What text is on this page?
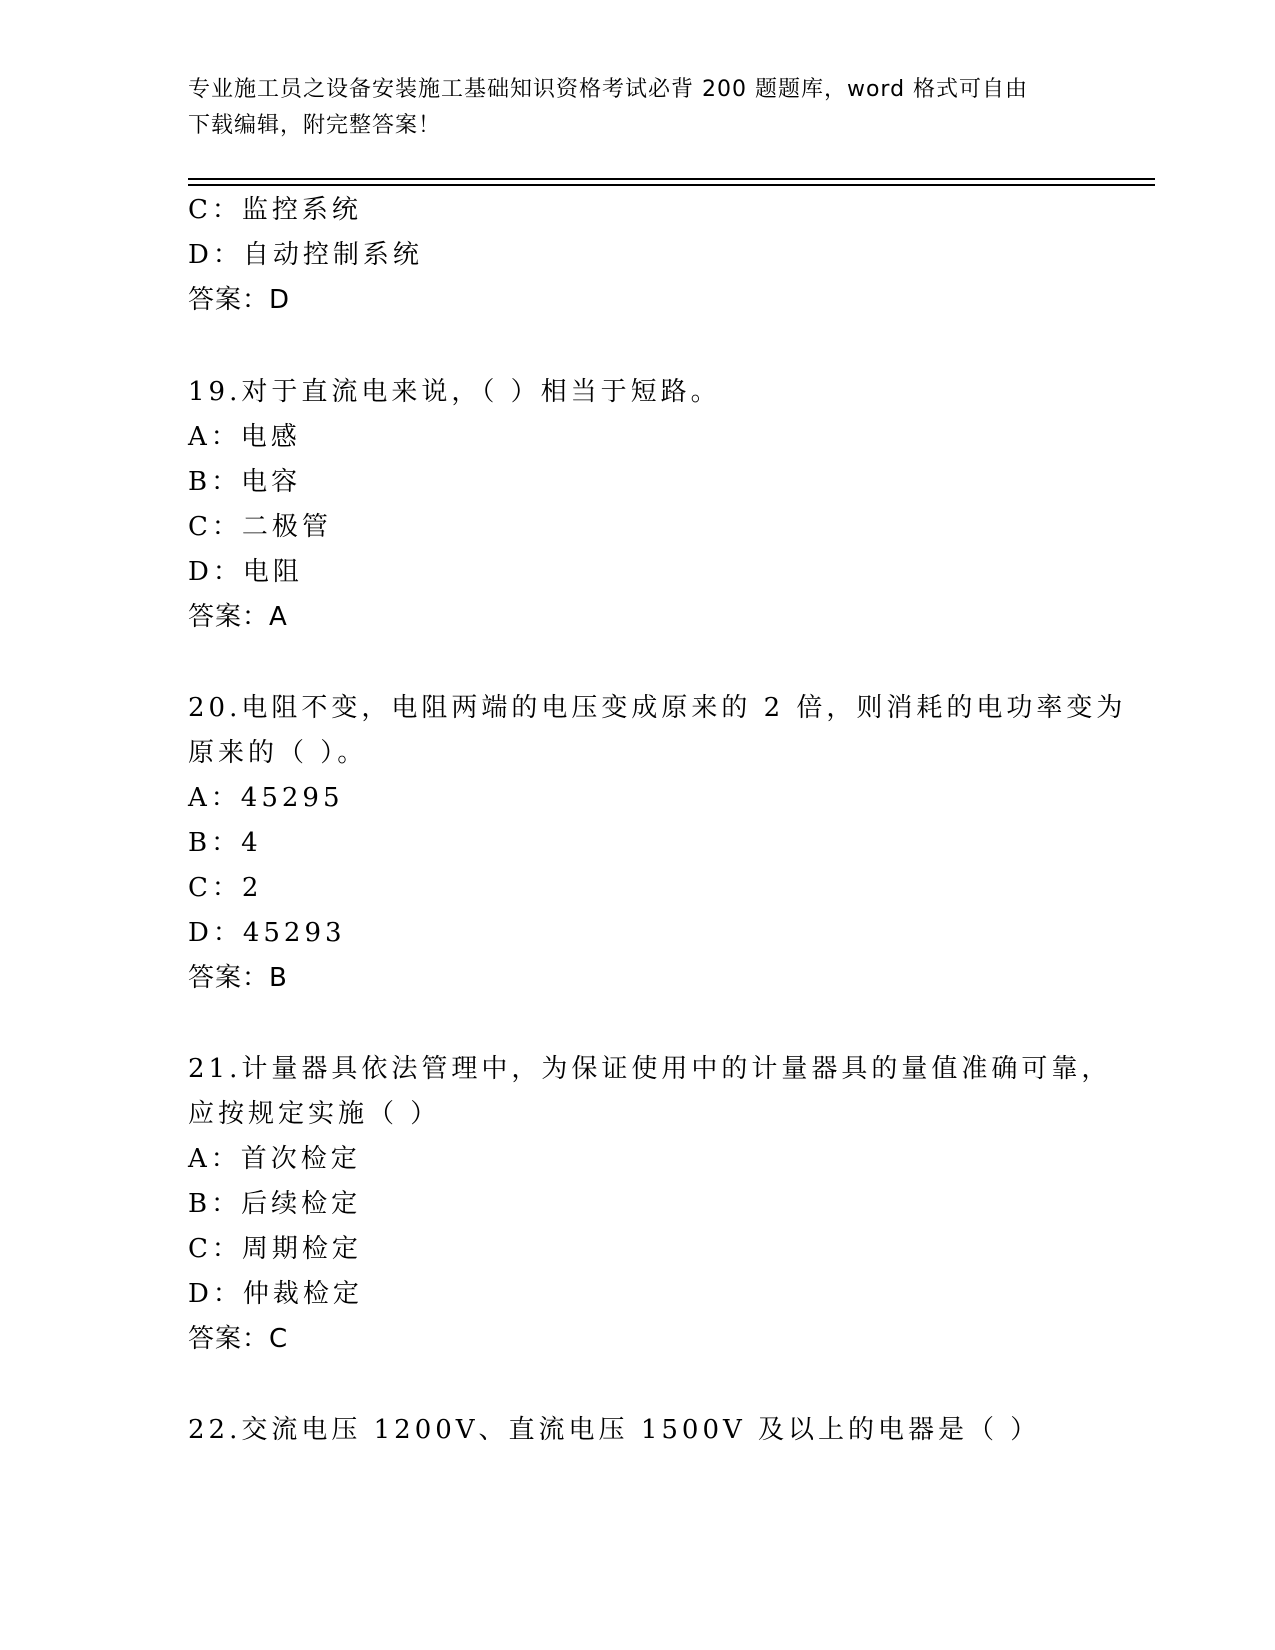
专业施工员之设备安装施工基础知识资格考试必背 200 题题库，word 格式可自由
下载编辑，附完整答案！
C：监控系统
D：自动控制系统
答案：D
19.对于直流电来说，（ ）相当于短路。
A：电感
B：电容
C：二极管
D：电阻
答案：A
20.电阻不变，电阻两端的电压变成原来的 2 倍，则消耗的电功率变为
原来的（ ）。
A：45295
B：4
C：2
D：45293
答案：B
21.计量器具依法管理中，为保证使用中的计量器具的量值准确可靠，
应按规定实施（ ）
A：首次检定
B：后续检定
C：周期检定
D：仲裁检定
答案：C
22.交流电压 1200V、直流电压 1500V 及以上的电器是（ ）
